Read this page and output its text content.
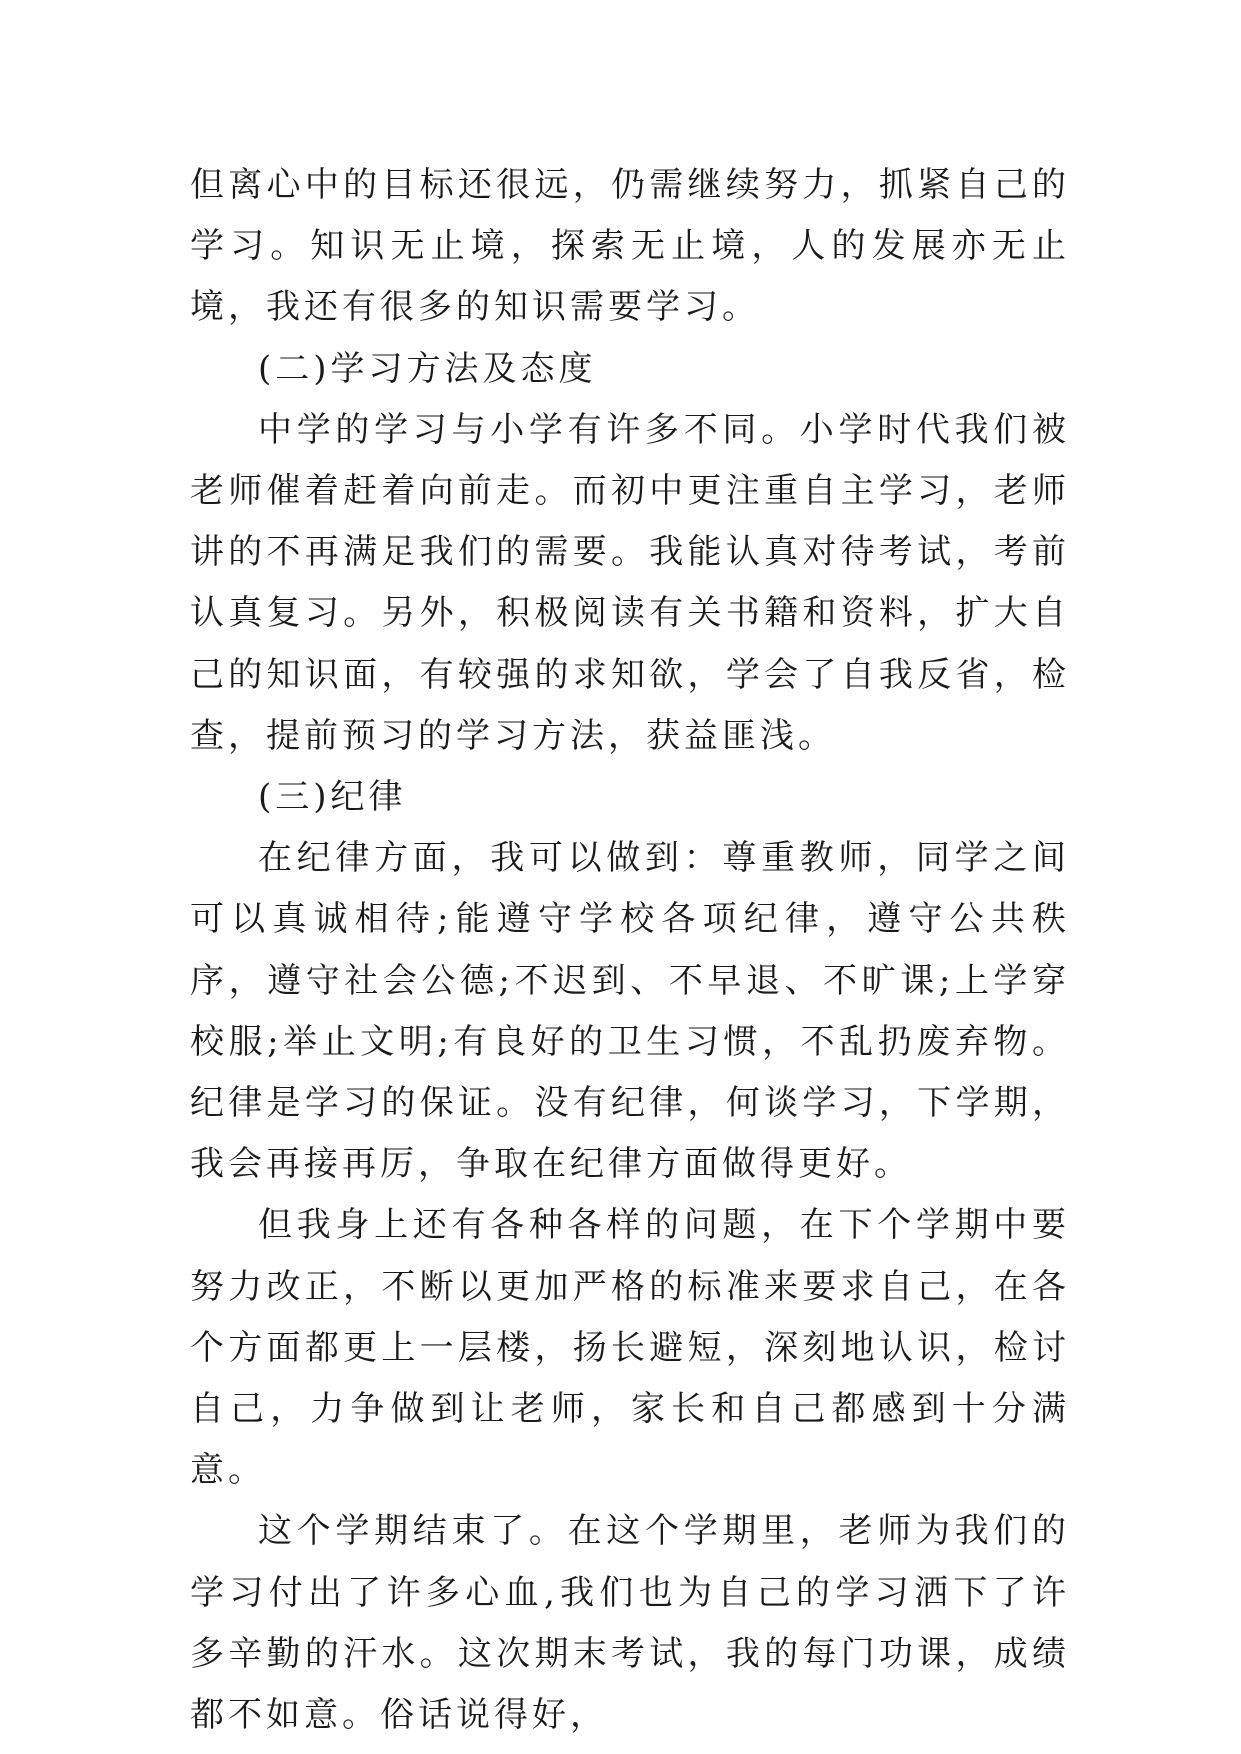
但离心中的目标还很远，仍需继续努力，抓紧自己的学习。知识无止境，探索无止境，人的发展亦无止境，我还有很多的知识需要学习。

(二)学习方法及态度

中学的学习与小学有许多不同。小学时代我们被老师催着赶着向前走。而初中更注重自主学习，老师讲的不再满足我们的需要。我能认真对待考试，考前认真复习。另外，积极阅读有关书籍和资料，扩大自己的知识面，有较强的求知欲，学会了自我反省，检查，提前预习的学习方法，获益匪浅。

(三)纪律

在纪律方面，我可以做到：尊重教师，同学之间可以真诚相待;能遵守学校各项纪律，遵守公共秩序，遵守社会公德;不迟到、不早退、不旷课;上学穿校服;举止文明;有良好的卫生习惯，不乱扔废弃物。纪律是学习的保证。没有纪律，何谈学习，下学期，我会再接再厉，争取在纪律方面做得更好。

但我身上还有各种各样的问题，在下个学期中要努力改正，不断以更加严格的标准来要求自己，在各个方面都更上一层楼，扬长避短，深刻地认识，检讨自己，力争做到让老师，家长和自己都感到十分满意。

这个学期结束了。在这个学期里，老师为我们的学习付出了许多心血,我们也为自己的学习洒下了许多辛勤的汗水。这次期末考试，我的每门功课，成绩都不如意。俗话说得好，
